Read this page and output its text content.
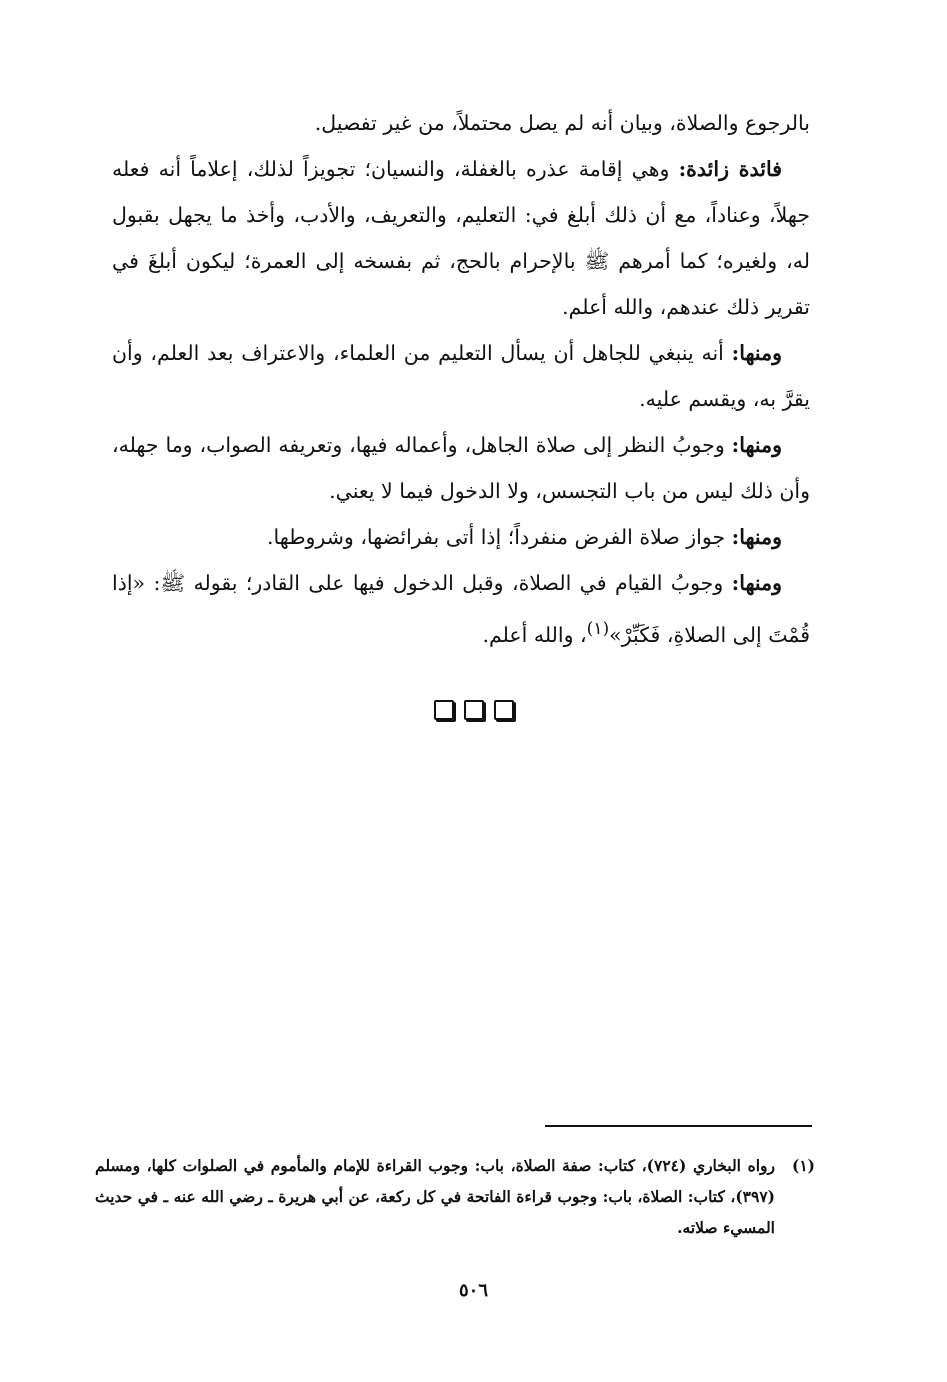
بالرجوع والصلاة، وبيان أنه لم يصل محتملاً، من غير تفصيل.

فائدة زائدة: وهي إقامة عذره بالغفلة، والنسيان؛ تجويزاً لذلك، إعلاماً أنه فعله جهلاً، وعناداً، مع أن ذلك أبلغ في: التعليم، والتعريف، والأدب، وأخذ ما يجهل بقبول له، ولغيره؛ كما أمرهم ﷺ بالإحرام بالحج، ثم بفسخه إلى العمرة؛ ليكون أبلغَ في تقرير ذلك عندهم، والله أعلم.

ومنها: أنه ينبغي للجاهل أن يسأل التعليم من العلماء، والاعتراف بعد العلم، وأن يقرَّ به، ويقسم عليه.

ومنها: وجوبُ النظر إلى صلاة الجاهل، وأعماله فيها، وتعريفه الصواب، وما جهله، وأن ذلك ليس من باب التجسس، ولا الدخول فيما لا يعني.

ومنها: جواز صلاة الفرض منفرداً؛ إذا أتى بفرائضها، وشروطها.

ومنها: وجوبُ القيام في الصلاة، وقبل الدخول فيها على القادر؛ بقوله ﷺ: «إذا قُمْتَ إلى الصلاةِ، فَكَبِّرْ»$^{(١)}$، والله أعلم.

(١)
رواه البخاري (٧٢٤)، كتاب: صفة الصلاة، باب: وجوب القراءة للإمام والمأموم في الصلوات كلها، ومسلم (٣٩٧)، كتاب: الصلاة، باب: وجوب قراءة الفاتحة في كل ركعة، عن أبي هريرة ـ رضي الله عنه ـ في حديث المسيء صلاته.
٥٠٦
